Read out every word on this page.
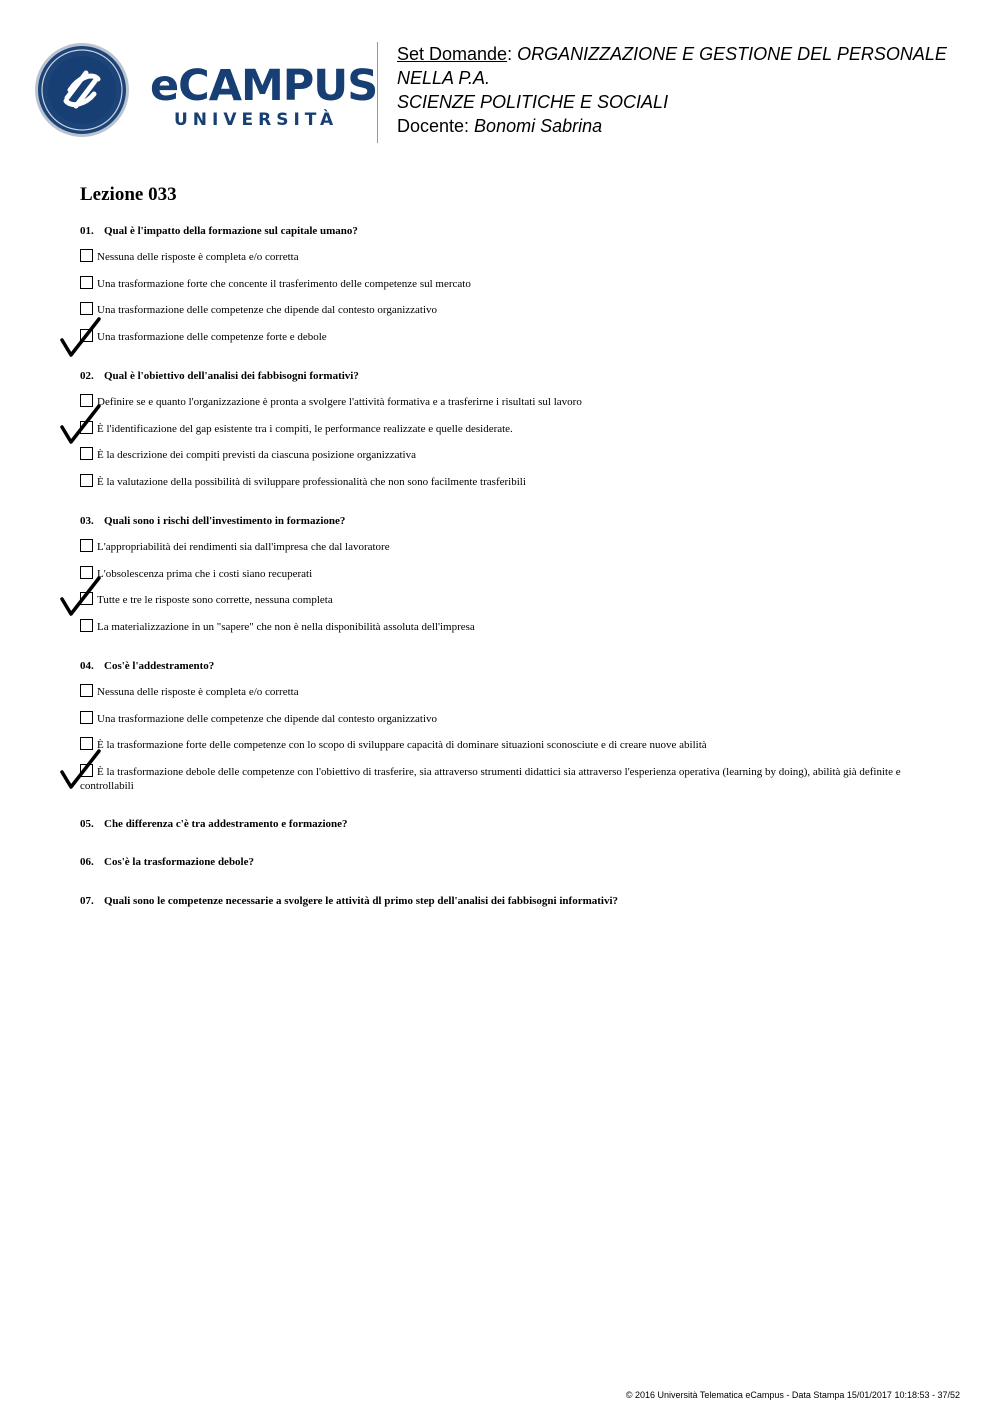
eCAMPUS
UNIVERSITÀ
Set Domande: ORGANIZZAZIONE E GESTIONE DEL PERSONALE NELLA P.A.
SCIENZE POLITICHE E SOCIALI
Docente: Bonomi Sabrina
Lezione 033
01. Qual è l'impatto della formazione sul capitale umano?
Nessuna delle risposte è completa e/o corretta
Una trasformazione forte che concente il trasferimento delle competenze sul mercato
Una trasformazione delle competenze che dipende dal contesto organizzativo
Una trasformazione delle competenze forte e debole
02. Qual è l'obiettivo dell'analisi dei fabbisogni formativi?
Definire se e quanto l'organizzazione è pronta a svolgere l'attività formativa e a trasferirne i risultati sul lavoro
È l'identificazione del gap esistente tra i compiti, le performance realizzate e quelle desiderate.
È la descrizione dei compiti previsti da ciascuna posizione organizzativa
È la valutazione della possibilità di sviluppare professionalità che non sono facilmente trasferibili
03. Quali sono i rischi dell'investimento in formazione?
L'appropriabilità dei rendimenti sia dall'impresa che dal lavoratore
L'obsolescenza prima che i costi siano recuperati
Tutte e tre le risposte sono corrette, nessuna completa
La materializzazione in un "sapere" che non è nella disponibilità assoluta dell'impresa
04. Cos'è l'addestramento?
Nessuna delle risposte è completa e/o corretta
Una trasformazione delle competenze che dipende dal contesto organizzativo
È la trasformazione forte delle competenze con lo scopo di sviluppare capacità di dominare situazioni sconosciute e di creare nuove abilità
È la trasformazione debole delle competenze con l'obiettivo di trasferire, sia attraverso strumenti didattici sia attraverso l'esperienza operativa (learning by doing), abilità già definite e controllabili
05. Che differenza c'è tra addestramento e formazione?
06. Cos'è la trasformazione debole?
07. Quali sono le competenze necessarie a svolgere le attività dl primo step dell'analisi dei fabbisogni informativi?
© 2016 Università Telematica eCampus - Data Stampa 15/01/2017 10:18:53 - 37/52
